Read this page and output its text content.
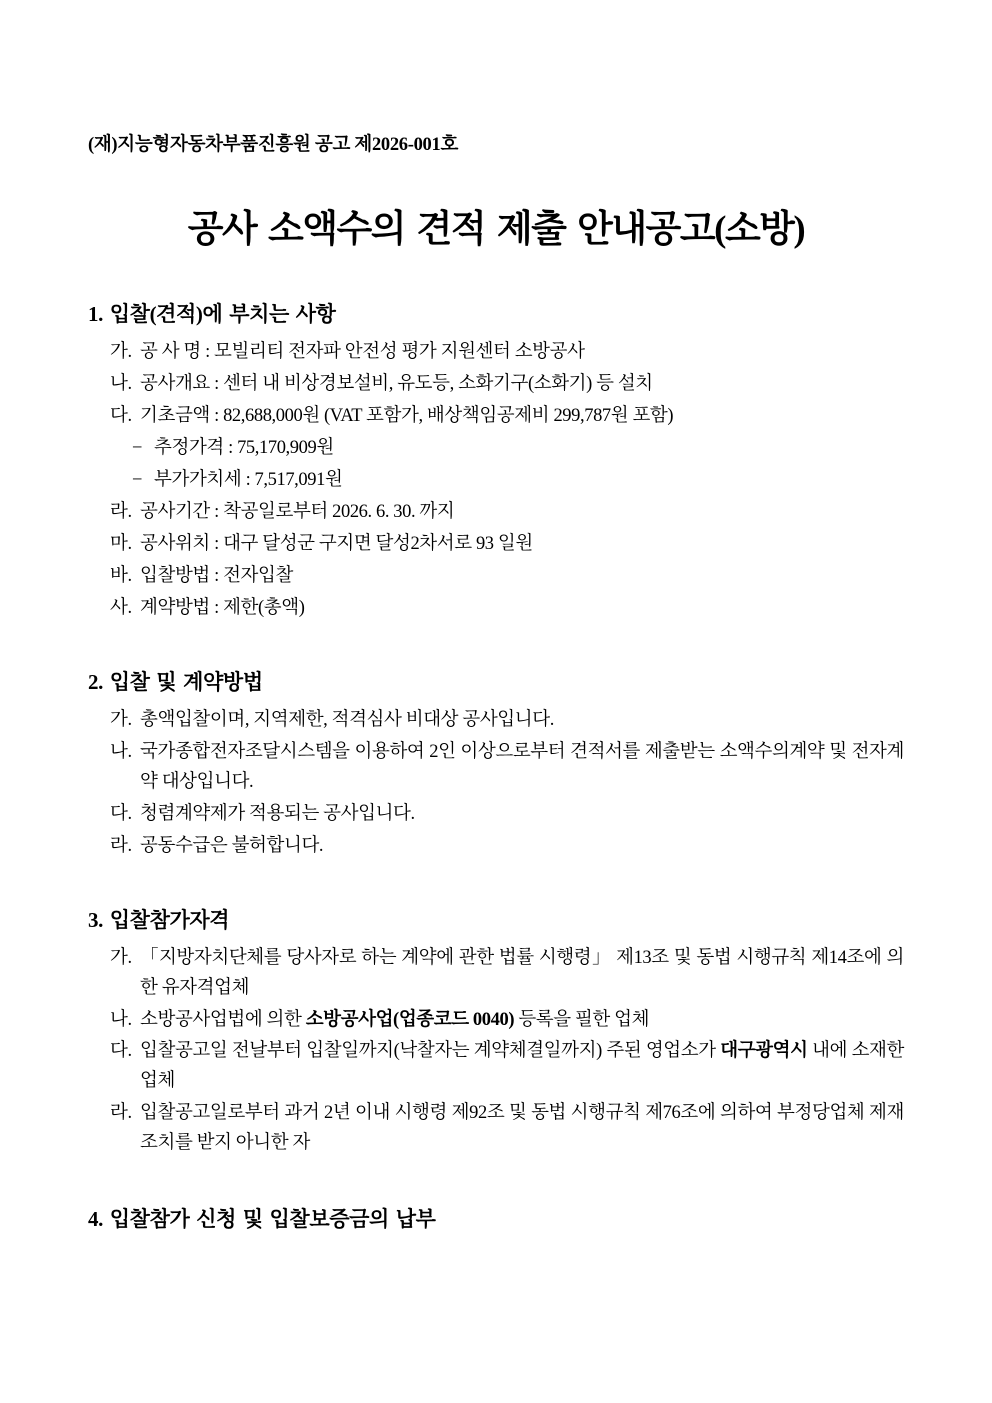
(재)지능형자동차부품진흥원 공고 제2026-001호
공사 소액수의 견적 제출 안내공고(소방)
1. 입찰(견적)에 부치는 사항
가. 공 사 명 : 모빌리티 전자파 안전성 평가 지원센터 소방공사
나. 공사개요 : 센터 내 비상경보설비, 유도등, 소화기구(소화기) 등 설치
다. 기초금액 : 82,688,000원 (VAT 포함가, 배상책임공제비 299,787원 포함)
− 추정가격 : 75,170,909원
− 부가가치세 : 7,517,091원
라. 공사기간 : 착공일로부터 2026. 6. 30. 까지
마. 공사위치 : 대구 달성군 구지면 달성2차서로 93 일원
바. 입찰방법 : 전자입찰
사. 계약방법 : 제한(총액)
2. 입찰 및 계약방법
가. 총액입찰이며, 지역제한, 적격심사 비대상 공사입니다.
나. 국가종합전자조달시스템을 이용하여 2인 이상으로부터 견적서를 제출받는 소액수의계약 및 전자계약 대상입니다.
다. 청렴계약제가 적용되는 공사입니다.
라. 공동수급은 불허합니다.
3. 입찰참가자격
가. 「지방자치단체를 당사자로 하는 계약에 관한 법률 시행령」 제13조 및 동법 시행규칙 제14조에 의한 유자격업체
나. 소방공사업법에 의한 소방공사업(업종코드 0040) 등록을 필한 업체
다. 입찰공고일 전날부터 입찰일까지(낙찰자는 계약체결일까지) 주된 영업소가 대구광역시 내에 소재한 업체
라. 입찰공고일로부터 과거 2년 이내 시행령 제92조 및 동법 시행규칙 제76조에 의하여 부정당업체 제재조치를 받지 아니한 자
4. 입찰참가 신청 및 입찰보증금의 납부
